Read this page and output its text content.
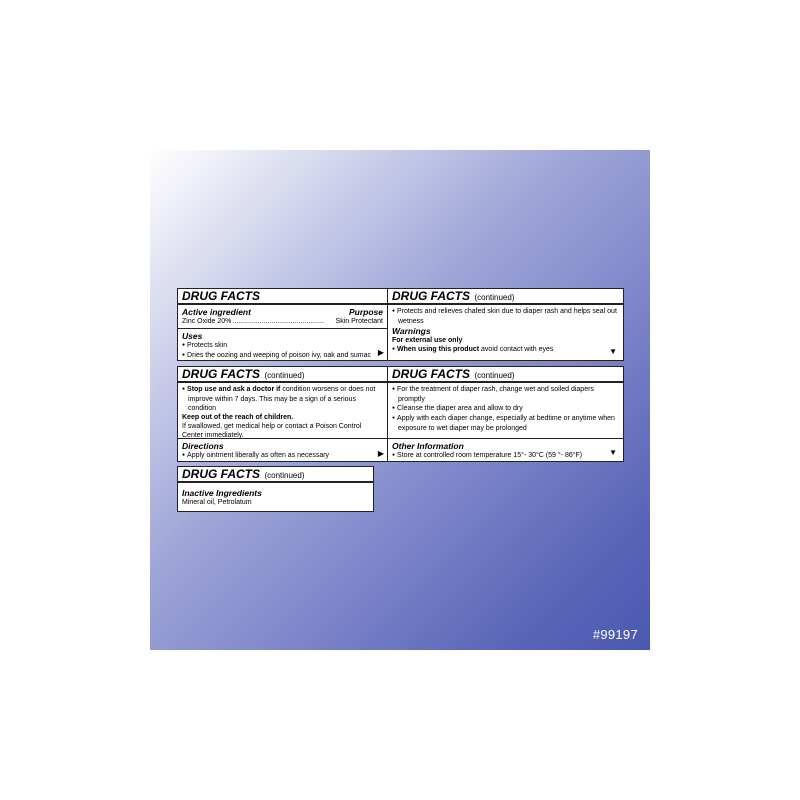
DRUG FACTS
Active ingredient	Purpose
Zinc Oxide 20% ...............................................	Skin Protectant
Uses
● Protects skin
● Dries the oozing and weeping of poison ivy, oak and sumac ▶
DRUG FACTS (continued)
● Protects and relieves chafed skin due to diaper rash and helps seal out wetness
Warnings
For external use only
● When using this product avoid contact with eyes	▼
DRUG FACTS (continued)
● Stop use and ask a doctor if condition worsens or does not improve within 7 days. This may be a sign of a serious condition
Keep out of the reach of children.
If swallowed, get medical help or contact a Poison Control Center immediately.
Directions
● Apply ointment liberally as often as necessary	▶
DRUG FACTS (continued)
● For the treatment of diaper rash, change wet and soiled diapers promptly
● Cleanse the diaper area and allow to dry
● Apply with each diaper change, especially at bedtime or anytime when exposure to wet diaper may be prolonged
Other Information
● Store at controlled room temperature 15°- 30°C (59 °- 86°F)	▼
DRUG FACTS (continued)
Inactive Ingredients
Mineral oil, Petrolatum
#99197
